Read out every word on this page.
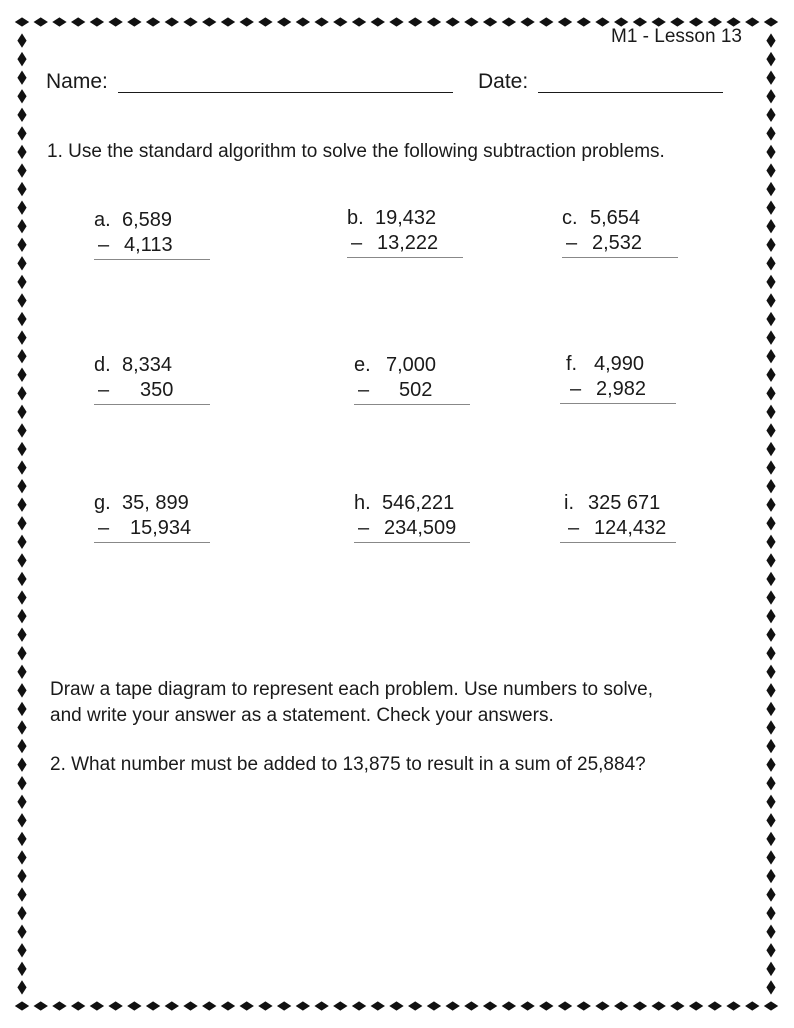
M1 - Lesson 13
Name:	Date:
1. Use the standard algorithm to solve the following subtraction problems.
a. 6,589
– 4,113
b. 19,432
– 13,222
c. 5,654
– 2,532
d. 8,334
– 350
e. 7,000
– 502
f. 4,990
– 2,982
g. 35, 899
– 15,934
h. 546,221
– 234,509
i. 325 671
– 124,432
Draw a tape diagram to represent each problem. Use numbers to solve,
and write your answer as a statement. Check your answers.
2. What number must be added to 13,875 to result in a sum of 25,884?
